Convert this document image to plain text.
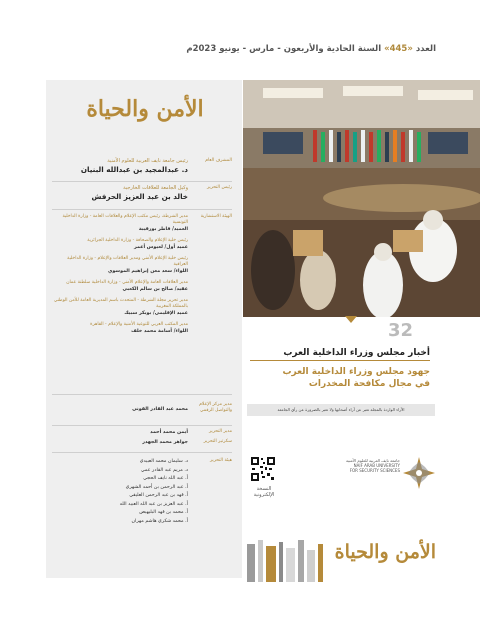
العدد «445» السنة الحادية والأربعون - مارس - يونيو 2023م
الأمن والحياة
المشرف العام
رئيس جامعة نايف العربية للعلوم الأمنية
د. عبدالمجيد بن عبدالله البنيان
رئيس التحرير
وكيل الجامعة للعلاقات الخارجية
خالد بن عبد العزيز الحرفش
الهيئة الاستشارية
مدير الشرطة، رئيس مكتب الإعلام والعلاقات العامة - وزارة الداخلية التونسية
العميد/ فاطر بورقيبة
رئيس خلية الإعلام والصحافة - وزارة الداخلية الجزائرية
عميد أول/ لعيوس أعمر
رئيس خلية الإعلام الأمني ومدير العلاقات والإعلام - وزارة الداخلية العراقية
اللواء/ سعد معن إبراهيم الموسوي
مدير العلاقات العامة والإعلام الأمني - وزارة الداخلية سلطنة عمان
عقيد/ صالح بن سالم الكعبي
مدير تحرير مجلة الشرطة - المتحدث باسم المديرية العامة للأمن الوطني بالمملكة المغربية
عميد الإقليمي/ بوبكر سبيك
مدير المكتب العربي للتوعية الأمنية والإعلام - القاهرة
اللواء/ أسامة محمد خلف
مدير مركز الإعلام والتواصل الرقمي
محمد عبد القادر القوني
مدير التحرير
أيمن محمد أحمد
سكرتير التحرير
جواهر محمد الجهدر
هيئة التحرير
د. سليمان محمد العبيدي
د. مريم عبد القادر عمي
أ. عبد الله نايف الحجي
أ. عبد الرحمن بن أحمد الشهري
أ. فهد بن عبد الرحمن العليقي
أ. عبد العزيز بن عبد الله العبيد الله
أ. محمد بن فهد البليهيص
أ. محمد شكري هاشم مهران
32
أخبار مجلس وزراء الداخلية العرب
جهود مجلس وزراء الداخلية العرب
في مجال مكافحة المخدرات
الآراء الواردة بالمجلة تعبر عن آراء أصحابها ولا تعبر بالضرورة عن رأي الجامعة
النسخة الإلكترونية
جامعة نايف العربية للعلوم الأمنية
NAIF ARAB UNIVERSITY
FOR SECURITY SCIENCES
الأمن والحياة
